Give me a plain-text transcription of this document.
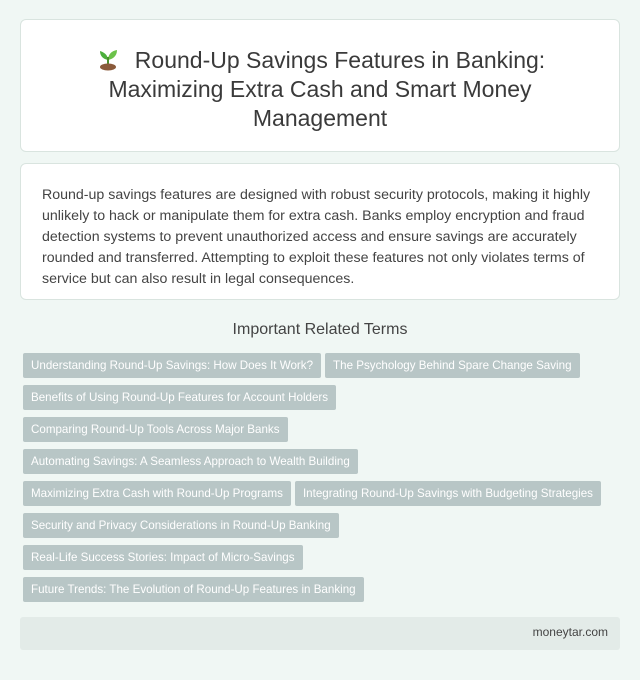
Round-Up Savings Features in Banking: Maximizing Extra Cash and Smart Money Management

Round-up savings features are designed with robust security protocols, making it highly unlikely to hack or manipulate them for extra cash. Banks employ encryption and fraud detection systems to prevent unauthorized access and ensure savings are accurately rounded and transferred. Attempting to exploit these features not only violates terms of service but can also result in legal consequences.

Important Related Terms
Understanding Round-Up Savings: How Does It Work? The Psychology Behind Spare Change Saving
Benefits of Using Round-Up Features for Account Holders
Comparing Round-Up Tools Across Major Banks
Automating Savings: A Seamless Approach to Wealth Building
Maximizing Extra Cash with Round-Up Programs Integrating Round-Up Savings with Budgeting Strategies
Security and Privacy Considerations in Round-Up Banking
Real-Life Success Stories: Impact of Micro-Savings
Future Trends: The Evolution of Round-Up Features in Banking
moneytar.com
